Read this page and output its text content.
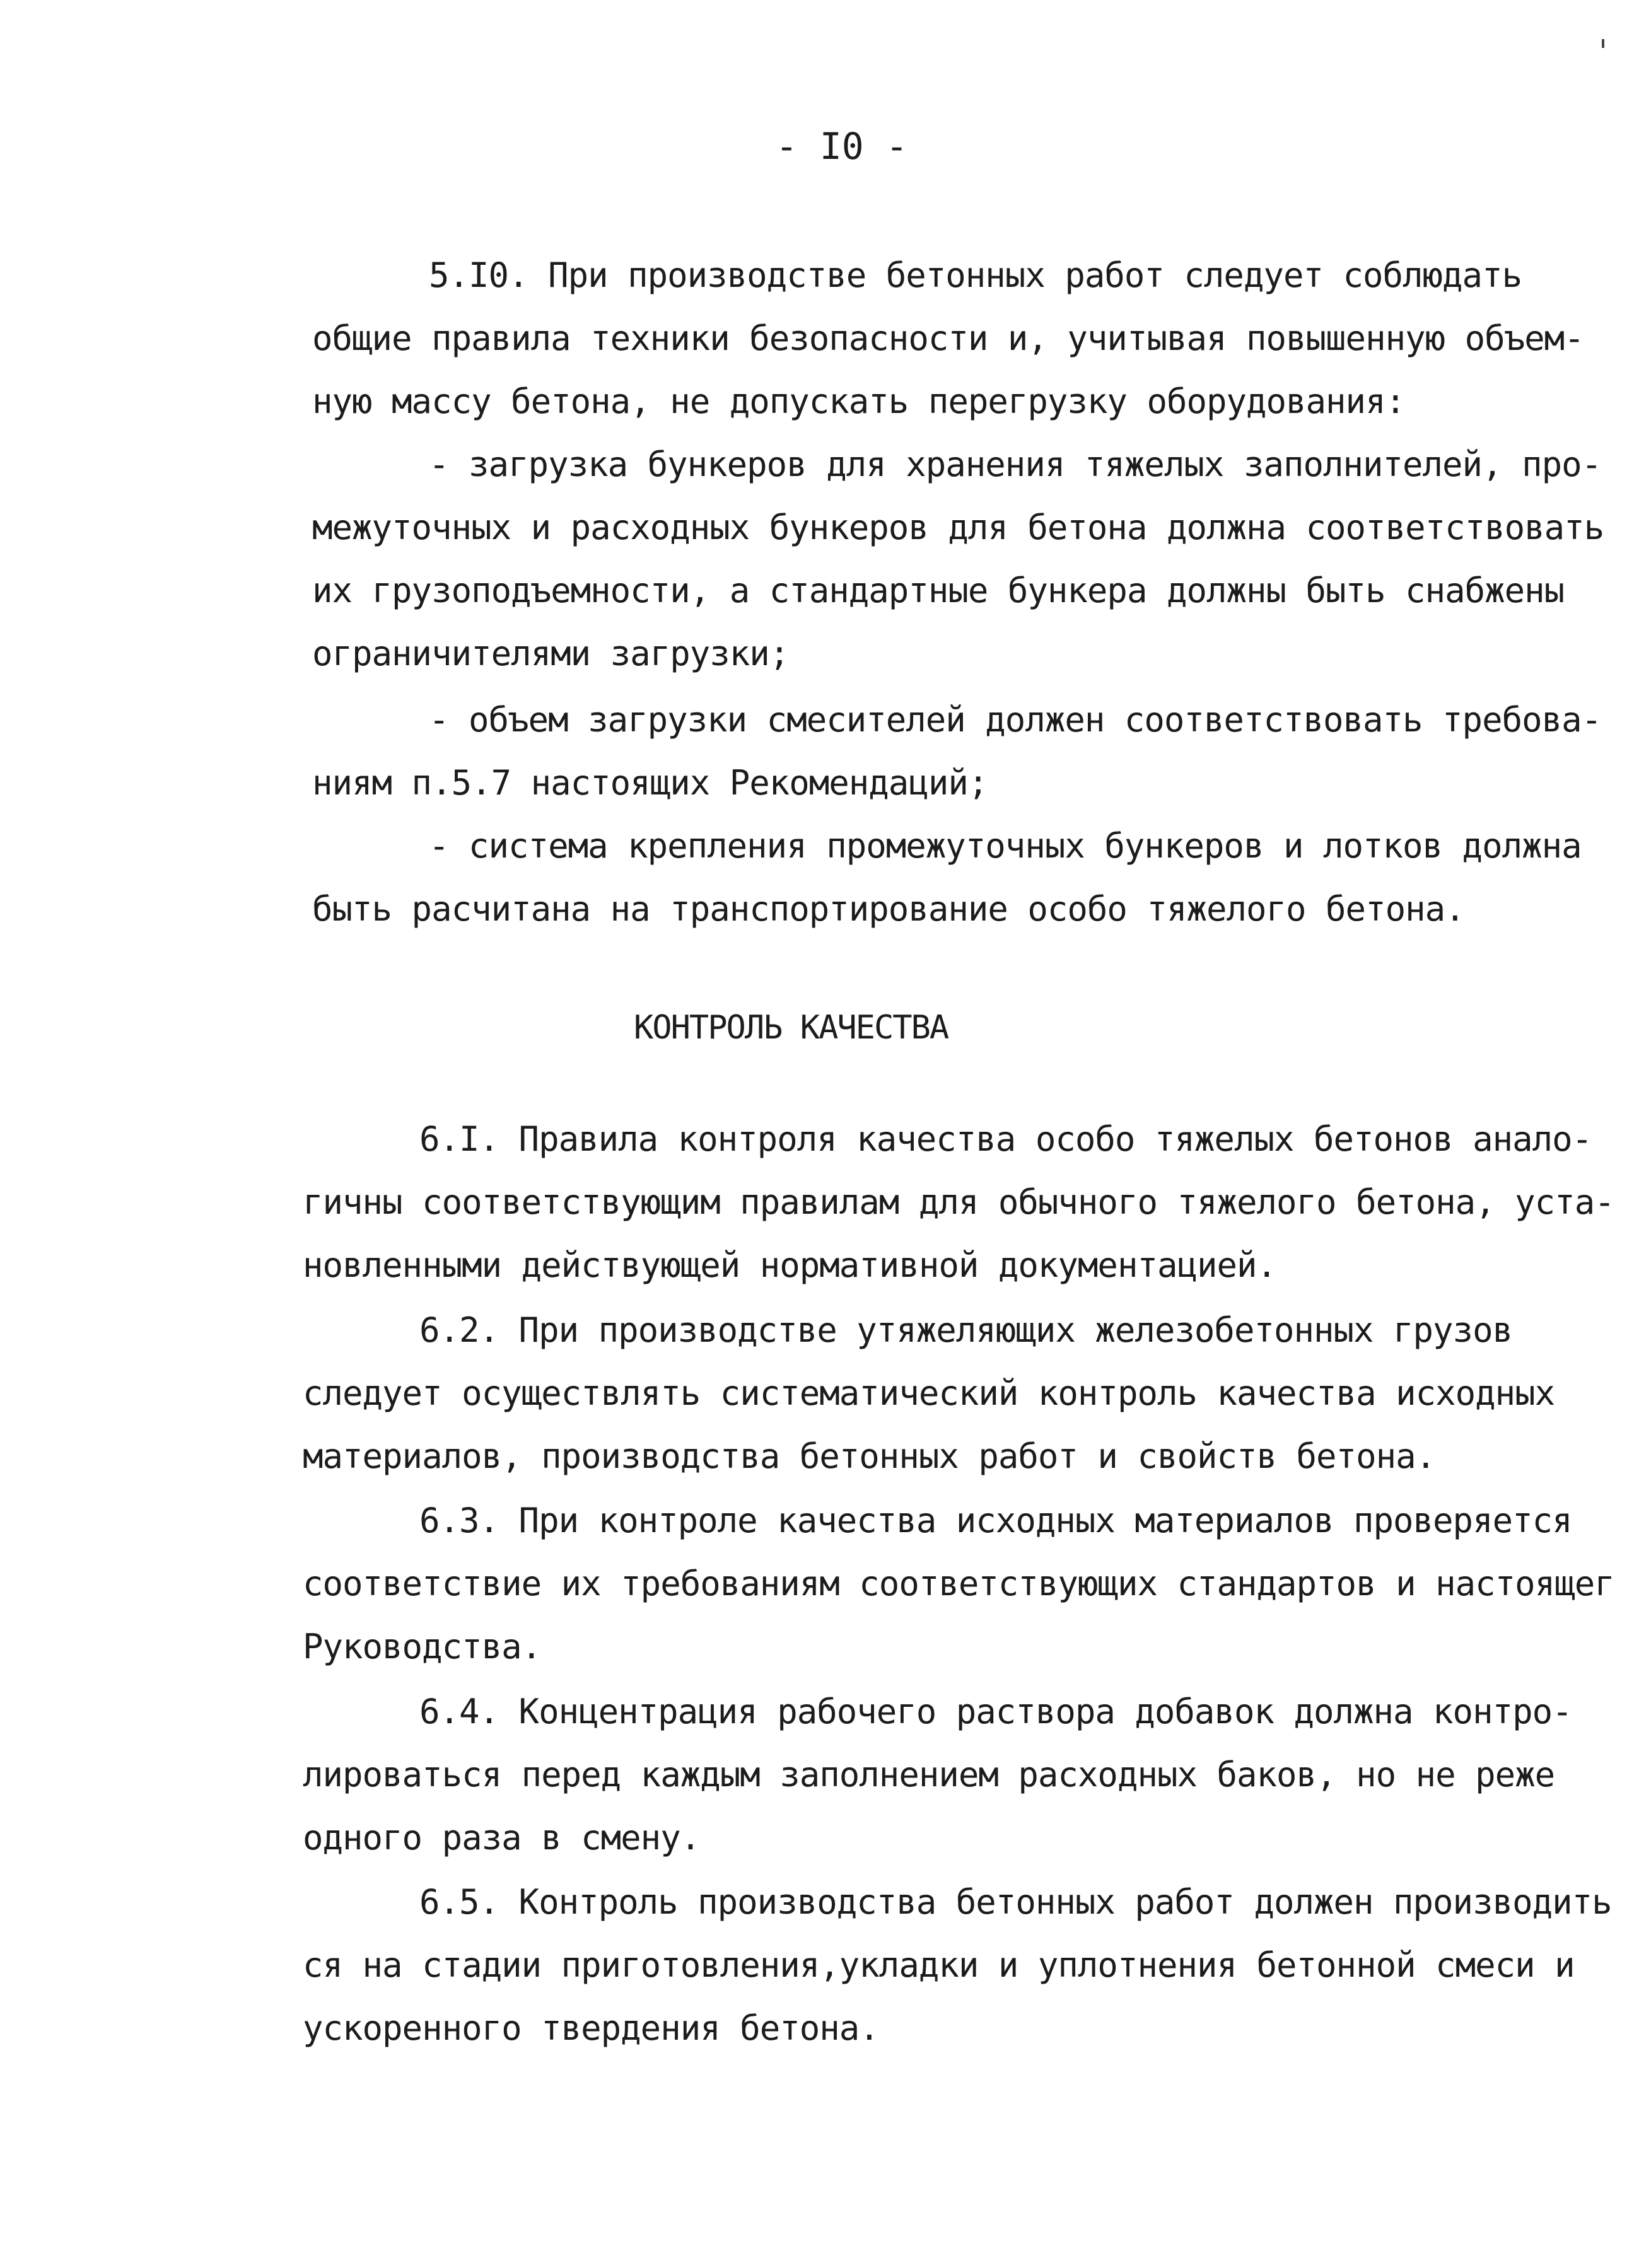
- I0 -
5.I0. При производстве бетонных работ следует соблюдать
общие правила техники безопасности и, учитывая повышенную объем-
ную массу бетона, не допускать перегрузку оборудования:
- загрузка бункеров для хранения тяжелых заполнителей, про-
межуточных и расходных бункеров для бетона должна соответствовать
их грузоподъемности, а стандартные бункера должны быть снабжены
ограничителями загрузки;
- объем загрузки смесителей должен соответствовать требова-
ниям п.5.7 настоящих Рекомендаций;
- система крепления промежуточных бункеров и лотков должна
быть расчитана на транспортирование особо тяжелого бетона.
КОНТРОЛЬ КАЧЕСТВА
6.I. Правила контроля качества особо тяжелых бетонов анало-
гичны соответствующим правилам для обычного тяжелого бетона, уста-
новленными действующей нормативной документацией.
6.2. При производстве утяжеляющих железобетонных грузов
следует осуществлять систематический контроль качества исходных
материалов, производства бетонных работ и свойств бетона.
6.3. При контроле качества исходных материалов проверяется
соответствие их требованиям соответствующих стандартов и настоящег
Руководства.
6.4. Концентрация рабочего раствора добавок должна контро-
лироваться перед каждым заполнением расходных баков, но не реже
одного раза в смену.
6.5. Контроль производства бетонных работ должен производить
ся на стадии приготовления,укладки и уплотнения бетонной смеси и
ускоренного твердения бетона.
